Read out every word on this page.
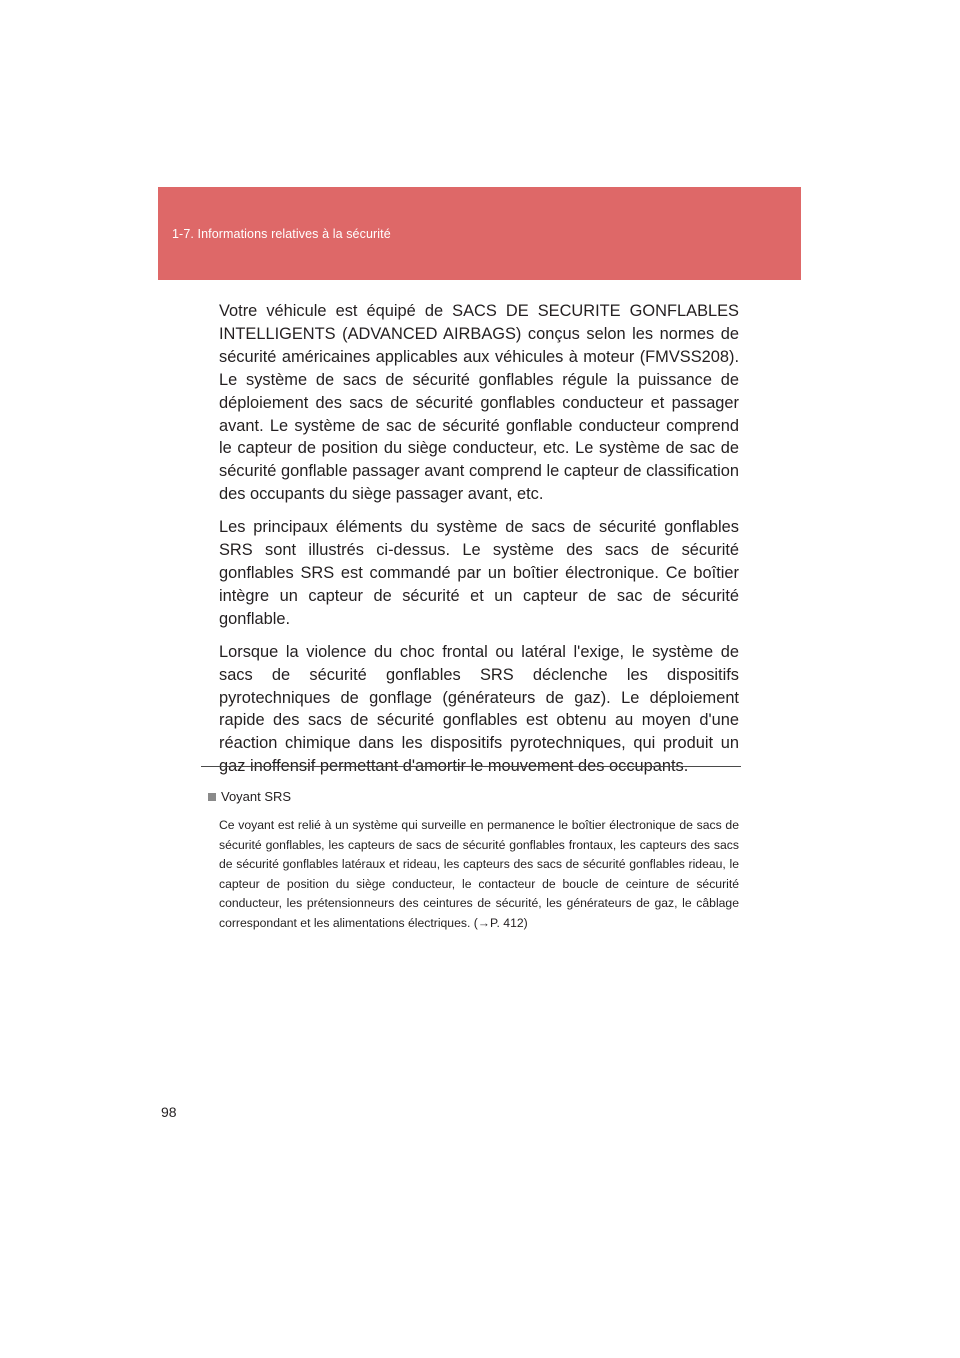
1-7. Informations relatives à la sécurité

Votre véhicule est équipé de SACS DE SECURITE GONFLABLES INTELLIGENTS (ADVANCED AIRBAGS) conçus selon les normes de sécurité américaines applicables aux véhicules à moteur (FMVSS208). Le système de sacs de sécurité gonflables régule la puissance de déploiement des sacs de sécurité gonflables conducteur et passager avant. Le système de sac de sécurité gonflable conducteur comprend le capteur de position du siège conducteur, etc. Le système de sac de sécurité gonflable passager avant comprend le capteur de classification des occupants du siège passager avant, etc.

Les principaux éléments du système de sacs de sécurité gonflables SRS sont illustrés ci-dessus. Le système des sacs de sécurité gonflables SRS est commandé par un boîtier électronique. Ce boîtier intègre un capteur de sécurité et un capteur de sac de sécurité gonflable.

Lorsque la violence du choc frontal ou latéral l'exige, le système de sacs de sécurité gonflables SRS déclenche les dispositifs pyrotechniques de gonflage (générateurs de gaz). Le déploiement rapide des sacs de sécurité gonflables est obtenu au moyen d'une réaction chimique dans les dispositifs pyrotechniques, qui produit un gaz inoffensif permettant d'amortir le mouvement des occupants.

Voyant SRS
Ce voyant est relié à un système qui surveille en permanence le boîtier électronique de sacs de sécurité gonflables, les capteurs de sacs de sécurité gonflables frontaux, les capteurs des sacs de sécurité gonflables latéraux et rideau, les capteurs des sacs de sécurité gonflables rideau, le capteur de position du siège conducteur, le contacteur de boucle de ceinture de sécurité conducteur, les prétensionneurs des ceintures de sécurité, les générateurs de gaz, le câblage correspondant et les alimentations électriques. (→P. 412)
98
